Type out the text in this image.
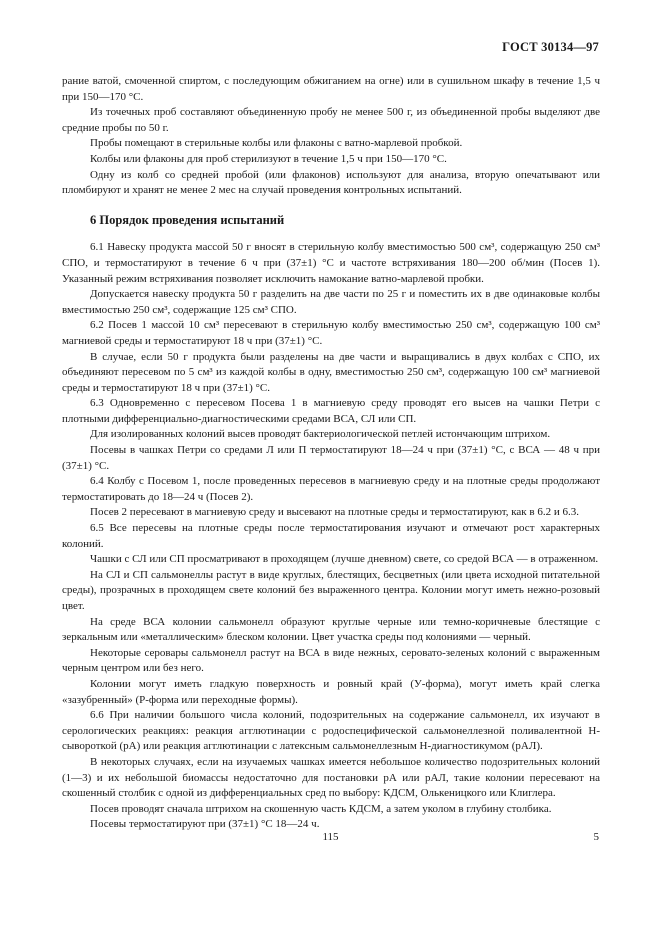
ГОСТ 30134—97

рание ватой, смоченной спиртом, с последующим обжиганием на огне) или в сушильном шкафу в течение 1,5 ч при 150—170 °С.

Из точечных проб составляют объединенную пробу не менее 500 г, из объединенной пробы выделяют две средние пробы по 50 г.

Пробы помещают в стерильные колбы или флаконы с ватно-марлевой пробкой.

Колбы или флаконы для проб стерилизуют в течение 1,5 ч при 150—170 °С.

Одну из колб со средней пробой (или флаконов) используют для анализа, вторую опечатывают или пломбируют и хранят не менее 2 мес на случай проведения контрольных испытаний.

6 Порядок проведения испытаний

6.1 Навеску продукта массой 50 г вносят в стерильную колбу вместимостью 500 см³, содержащую 250 см³ СПО, и термостатируют в течение 6 ч при (37±1) °С и частоте встряхивания 180—200 об/мин (Посев 1). Указанный режим встряхивания позволяет исключить намокание ватно-марлевой пробки.

Допускается навеску продукта 50 г разделить на две части по 25 г и поместить их в две одинаковые колбы вместимостью 250 см³, содержащие 125 см³ СПО.

6.2 Посев 1 массой 10 см³ пересевают в стерильную колбу вместимостью 250 см³, содержащую 100 см³ магниевой среды и термостатируют 18 ч при (37±1) °С.

В случае, если 50 г продукта были разделены на две части и выращивались в двух колбах с СПО, их объединяют пересевом по 5 см³ из каждой колбы в одну, вместимостью 250 см³, содержащую 100 см³ магниевой среды и термостатируют 18 ч при (37±1) °С.

6.3 Одновременно с пересевом Посева 1 в магниевую среду проводят его высев на чашки Петри с плотными дифференциально-диагностическими средами ВСА, СЛ или СП.

Для изолированных колоний высев проводят бактериологической петлей истончающим штрихом.

Посевы в чашках Петри со средами Л или П термостатируют 18—24 ч при (37±1) °С, с ВСА — 48 ч при (37±1) °С.

6.4 Колбу с Посевом 1, после проведенных пересевов в магниевую среду и на плотные среды продолжают термостатировать до 18—24 ч (Посев 2).

Посев 2 пересевают в магниевую среду и высевают на плотные среды и термостатируют, как в 6.2 и 6.3.

6.5 Все пересевы на плотные среды после термостатирования изучают и отмечают рост характерных колоний.

Чашки с СЛ или СП просматривают в проходящем (лучше дневном) свете, со средой ВСА — в отраженном.

На СЛ и СП сальмонеллы растут в виде круглых, блестящих, бесцветных (или цвета исходной питательной среды), прозрачных в проходящем свете колоний без выраженного центра. Колонии могут иметь нежно-розовый цвет.

На среде ВСА колонии сальмонелл образуют круглые черные или темно-коричневые блестящие с зеркальным или «металлическим» блеском колонии. Цвет участка среды под колониями — черный.

Некоторые серовары сальмонелл растут на ВСА в виде нежных, серовато-зеленых колоний с выраженным черным центром или без него.

Колонии могут иметь гладкую поверхность и ровный край (У-форма), могут иметь край слегка «зазубренный» (Р-форма или переходные формы).

6.6 При наличии большого числа колоний, подозрительных на содержание сальмонелл, их изучают в серологических реакциях: реакция агглютинации с родоспецифической сальмонеллезной поливалентной Н-сывороткой (рА) или реакция агглютинации с латексным сальмонеллезным Н-диагностикумом (рАЛ).

В некоторых случаях, если на изучаемых чашках имеется небольшое количество подозрительных колоний (1—3) и их небольшой биомассы недостаточно для постановки рА или рАЛ, такие колонии пересевают на скошенный столбик с одной из дифференциальных сред по выбору: КДСМ, Олькеницкого или Клиглера.

Посев проводят сначала штрихом на скошенную часть КДСМ, а затем уколом в глубину столбика.

Посевы термостатируют при (37±1) °С 18—24 ч.

115	5
